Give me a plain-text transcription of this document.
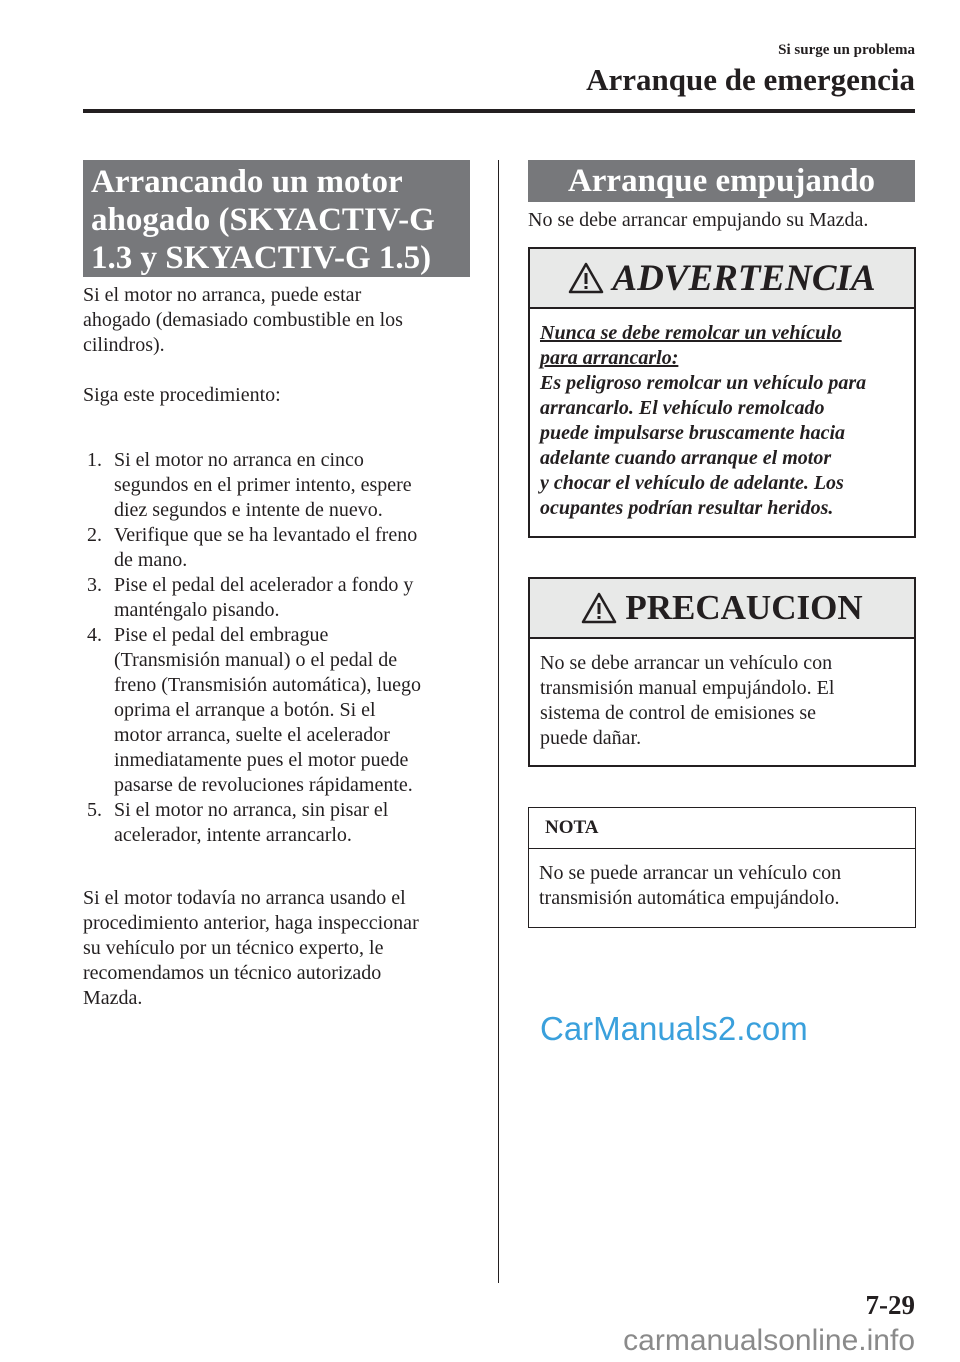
Si surge un problema
Arranque de emergencia
Arrancando un motor
ahogado (SKYACTIV-G
1.3 y SKYACTIV-G 1.5)
Si el motor no arranca, puede estar
ahogado (demasiado combustible en los
cilindros).
Siga este procedimiento:
1. Si el motor no arranca en cinco
segundos en el primer intento, espere
diez segundos e intente de nuevo.
2. Verifique que se ha levantado el freno
de mano.
3. Pise el pedal del acelerador a fondo y
manténgalo pisando.
4. Pise el pedal del embrague
(Transmisión manual) o el pedal de
freno (Transmisión automática), luego
oprima el arranque a botón. Si el
motor arranca, suelte el acelerador
inmediatamente pues el motor puede
pasarse de revoluciones rápidamente.
5. Si el motor no arranca, sin pisar el
acelerador, intente arrancarlo.
Si el motor todavía no arranca usando el
procedimiento anterior, haga inspeccionar
su vehículo por un técnico experto, le
recomendamos un técnico autorizado
Mazda.
Arranque empujando
No se debe arrancar empujando su Mazda.
CarManuals2.com
ADVERTENCIA
Nunca se debe remolcar un vehículo
para arrancarlo:
Es peligroso remolcar un vehículo para
arrancarlo. El vehículo remolcado
puede impulsarse bruscamente hacia
adelante cuando arranque el motor
y chocar el vehículo de adelante. Los
ocupantes podrían resultar heridos.
PRECAUCION
No se debe arrancar un vehículo con
transmisión manual empujándolo. El
sistema de control de emisiones se
puede dañar.
NOTA
No se puede arrancar un vehículo con
transmisión automática empujándolo.
7-29
carmanualsonline.info
